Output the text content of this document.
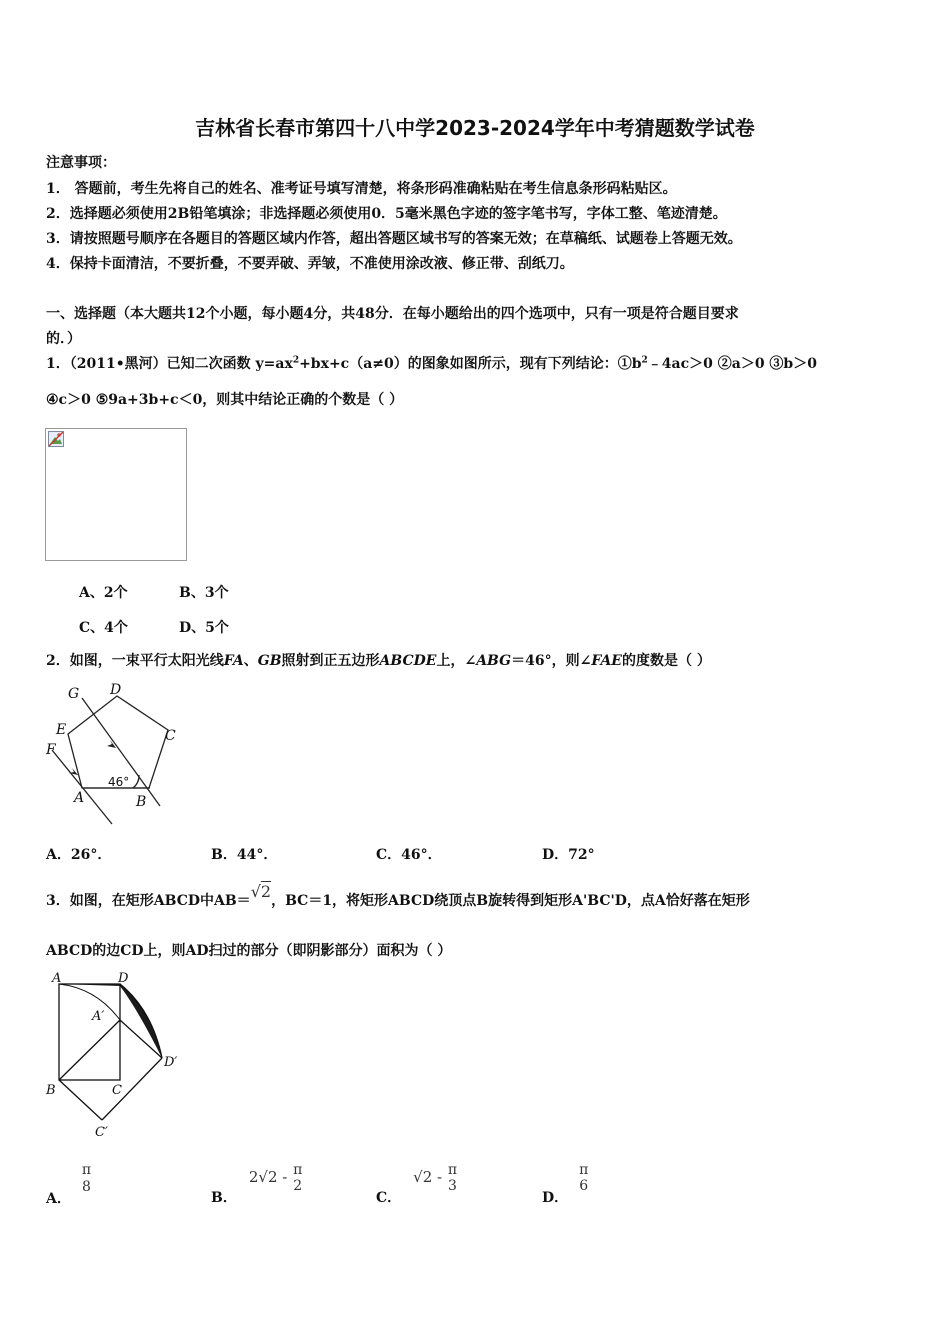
吉林省长春市第四十八中学2023-2024学年中考猜题数学试卷
注意事项：
1． 答题前，考生先将自己的姓名、准考证号填写清楚，将条形码准确粘贴在考生信息条形码粘贴区。
2．选择题必须使用2B铅笔填涂；非选择题必须使用0．5毫米黑色字迹的签字笔书写，字体工整、笔迹清楚。
3．请按照题号顺序在各题目的答题区域内作答，超出答题区域书写的答案无效；在草稿纸、试题卷上答题无效。
4．保持卡面清洁，不要折叠，不要弄破、弄皱，不准使用涂改液、修正带、刮纸刀。
一、选择题（本大题共12个小题，每小题4分，共48分．在每小题给出的四个选项中，只有一项是符合题目要求
的．）
1．（2011•黑河）已知二次函数 $y=ax^2+bx+c(a\ne 0)$的图象如图所示，现有下列结论：$①b^2﹣4ac>0$ ②a＞0 ③b＞0
④c＞0 ⑤9a+3b+c＜0，则其中结论正确的个数是（ ）
A、2个	B、3个
C、4个	D、5个
2．如图，一束平行太阳光线FA、GB照射到正五边形ABCDE上，∠ABG＝46°，则∠FAE的度数是（ ）
G D
E	C
F
A	B
46°
A．26°．	B．44°．	C．46°．	D．72°
3．如图，在矩形ABCD中AB＝√2，BC＝1，将矩形ABCD绕顶点B旋转得到矩形A'BC'D，点A恰好落在矩形
ABCD的边CD上，则AD扫过的部分（即阴影部分）面积为（ ）
A	D
A′
D′
B	C
C′
A．
π
8
B．2√2 - π
2
C．√2 - π
3
D．
π
6
